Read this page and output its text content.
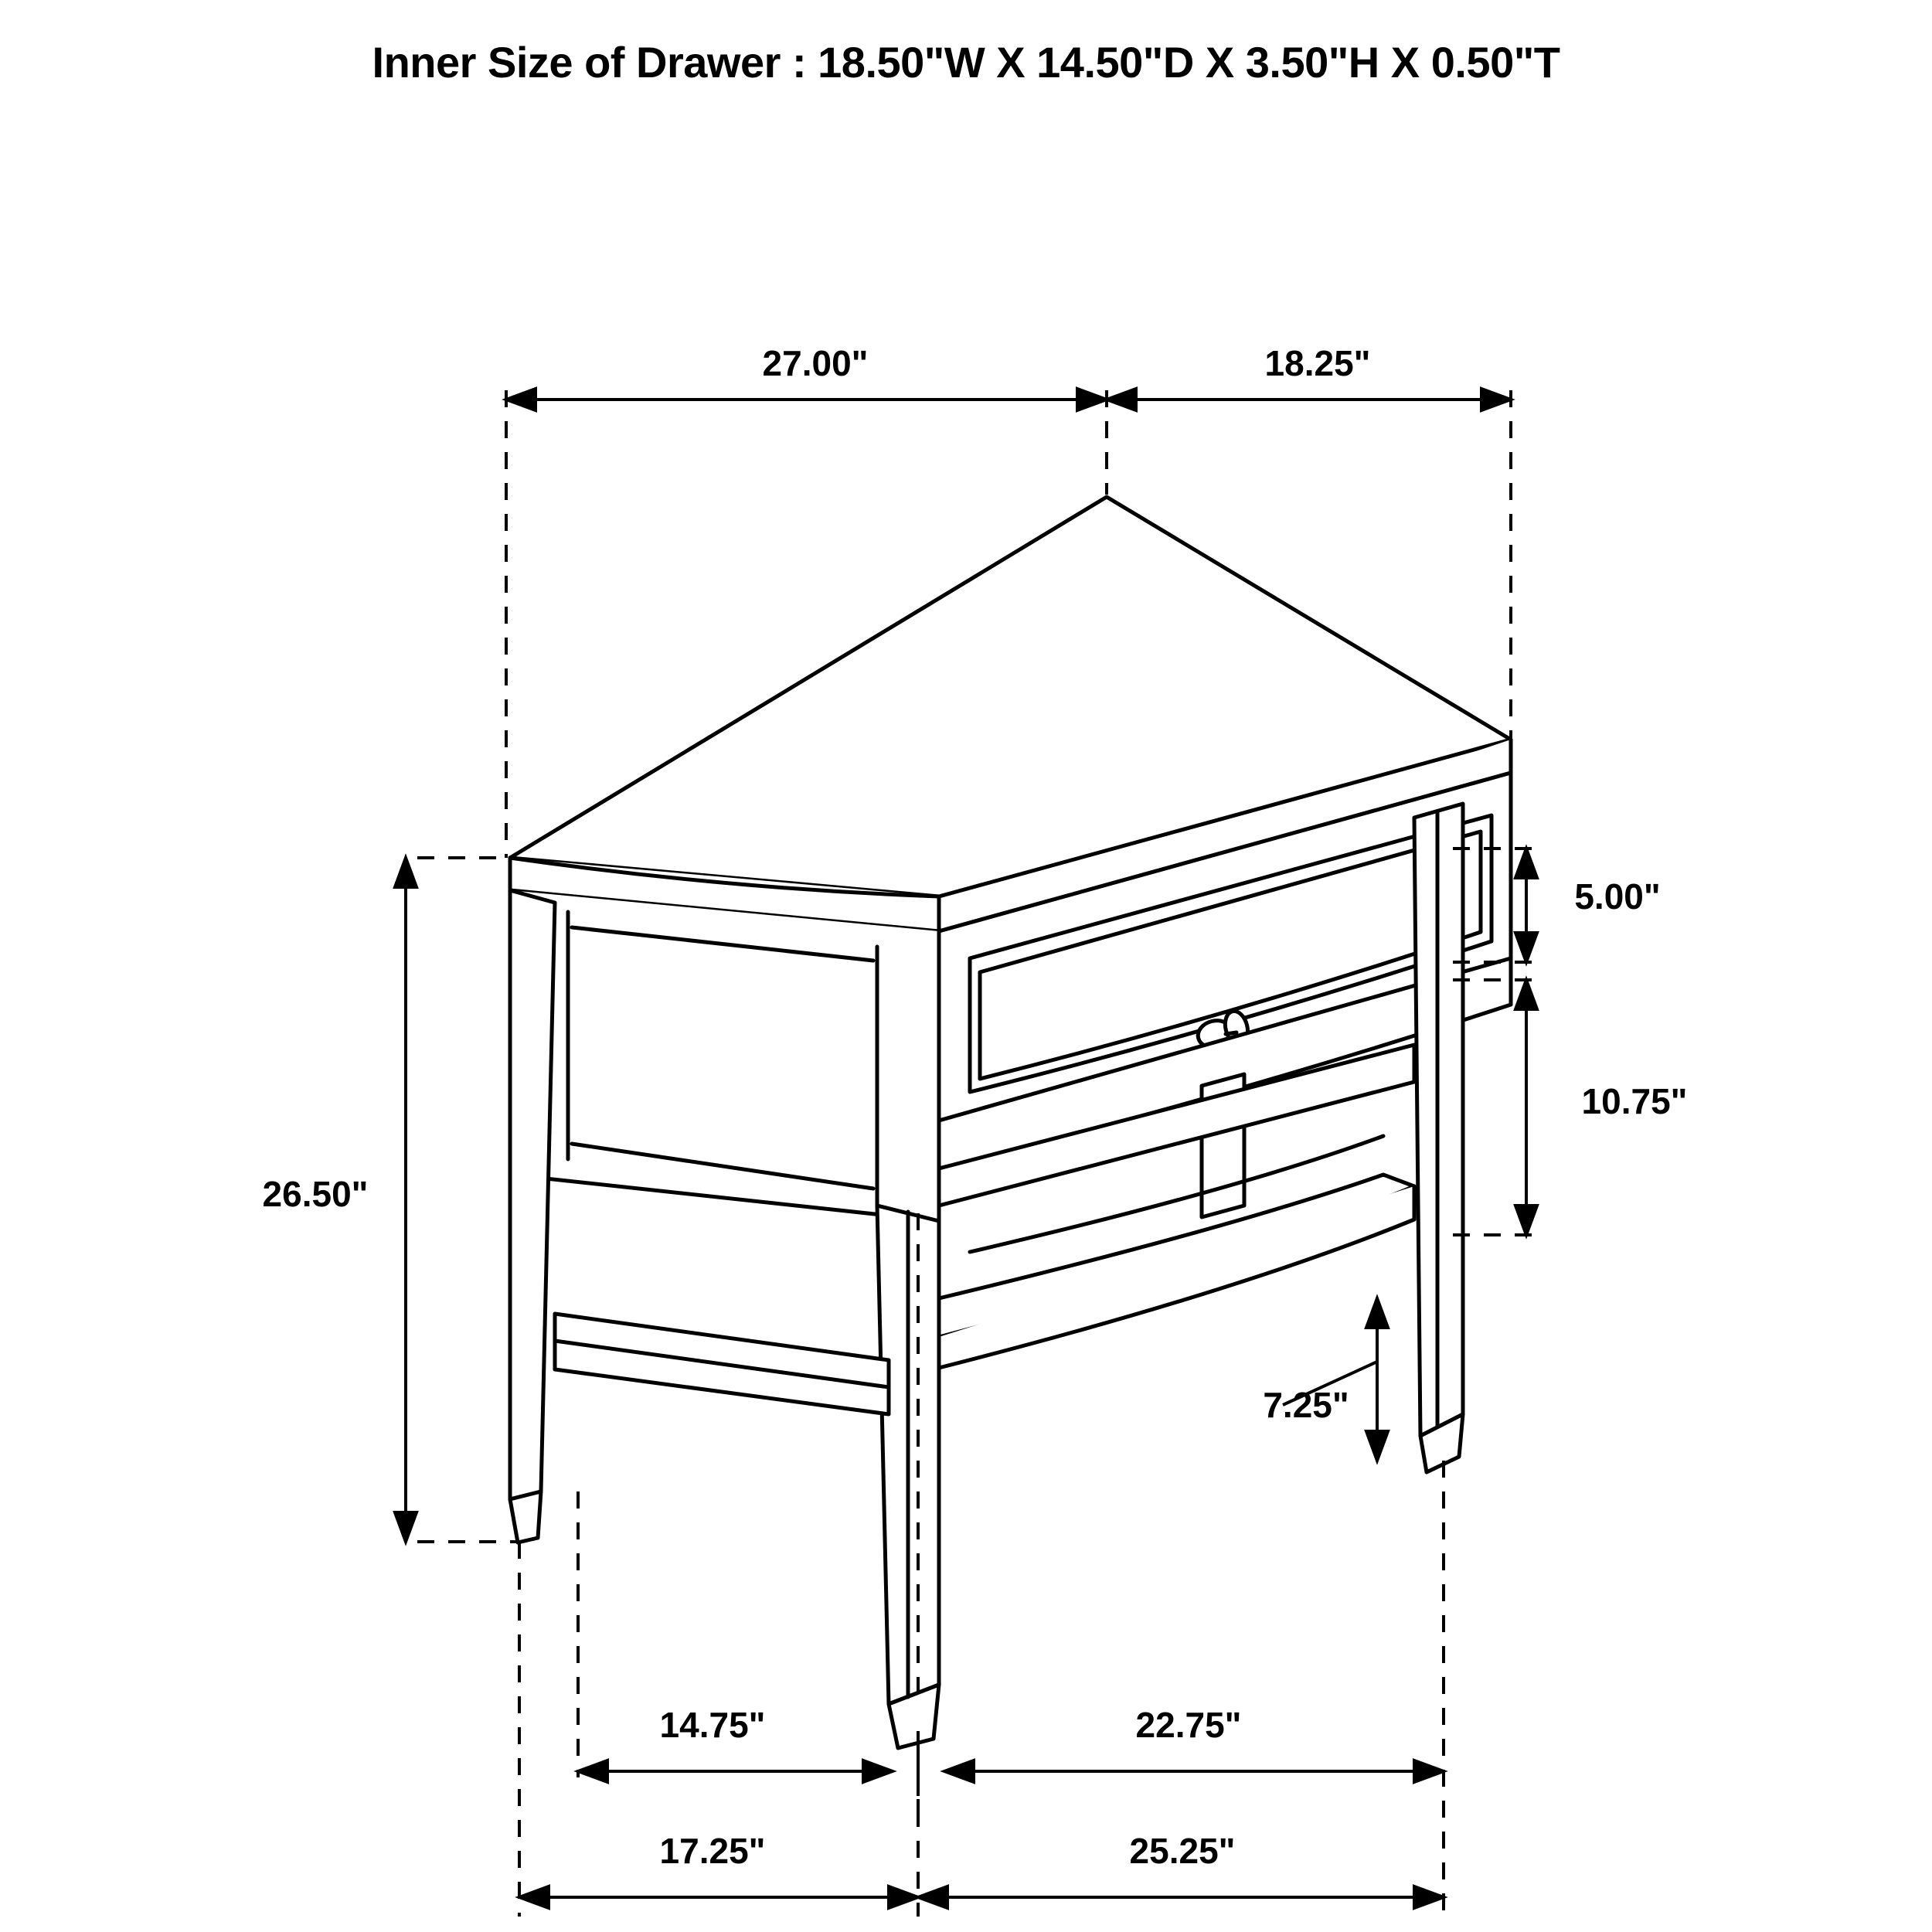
Inner Size of Drawer : 18.50"W X 14.50"D X 3.50"H X 0.50"T
27.00"	18.25"
5.00"
10.75"
26.50"
7.25"
14.75"	22.75"
17.25"	25.25"
